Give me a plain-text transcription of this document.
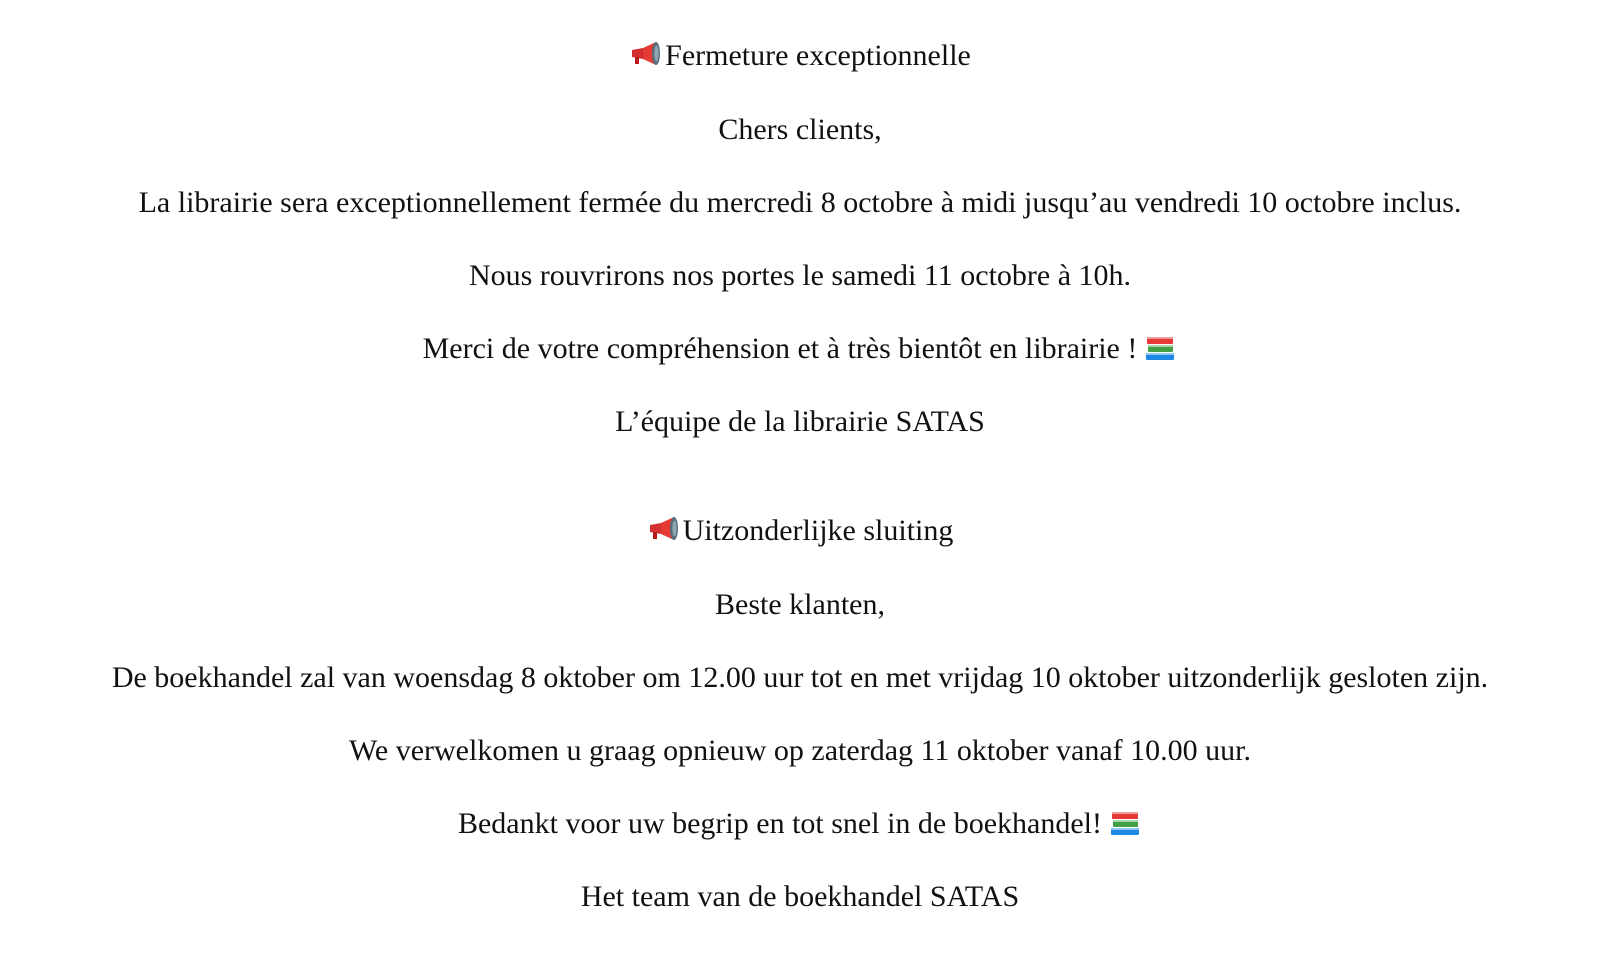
Fermeture exceptionnelle
Chers clients,
La librairie sera exceptionnellement fermée du mercredi 8 octobre à midi jusqu’au vendredi 10 octobre inclus.
Nous rouvrirons nos portes le samedi 11 octobre à 10h.
Merci de votre compréhension et à très bientôt en librairie !
L’équipe de la librairie SATAS
Uitzonderlijke sluiting
Beste klanten,
De boekhandel zal van woensdag 8 oktober om 12.00 uur tot en met vrijdag 10 oktober uitzonderlijk gesloten zijn.
We verwelkomen u graag opnieuw op zaterdag 11 oktober vanaf 10.00 uur.
Bedankt voor uw begrip en tot snel in de boekhandel!
Het team van de boekhandel SATAS
